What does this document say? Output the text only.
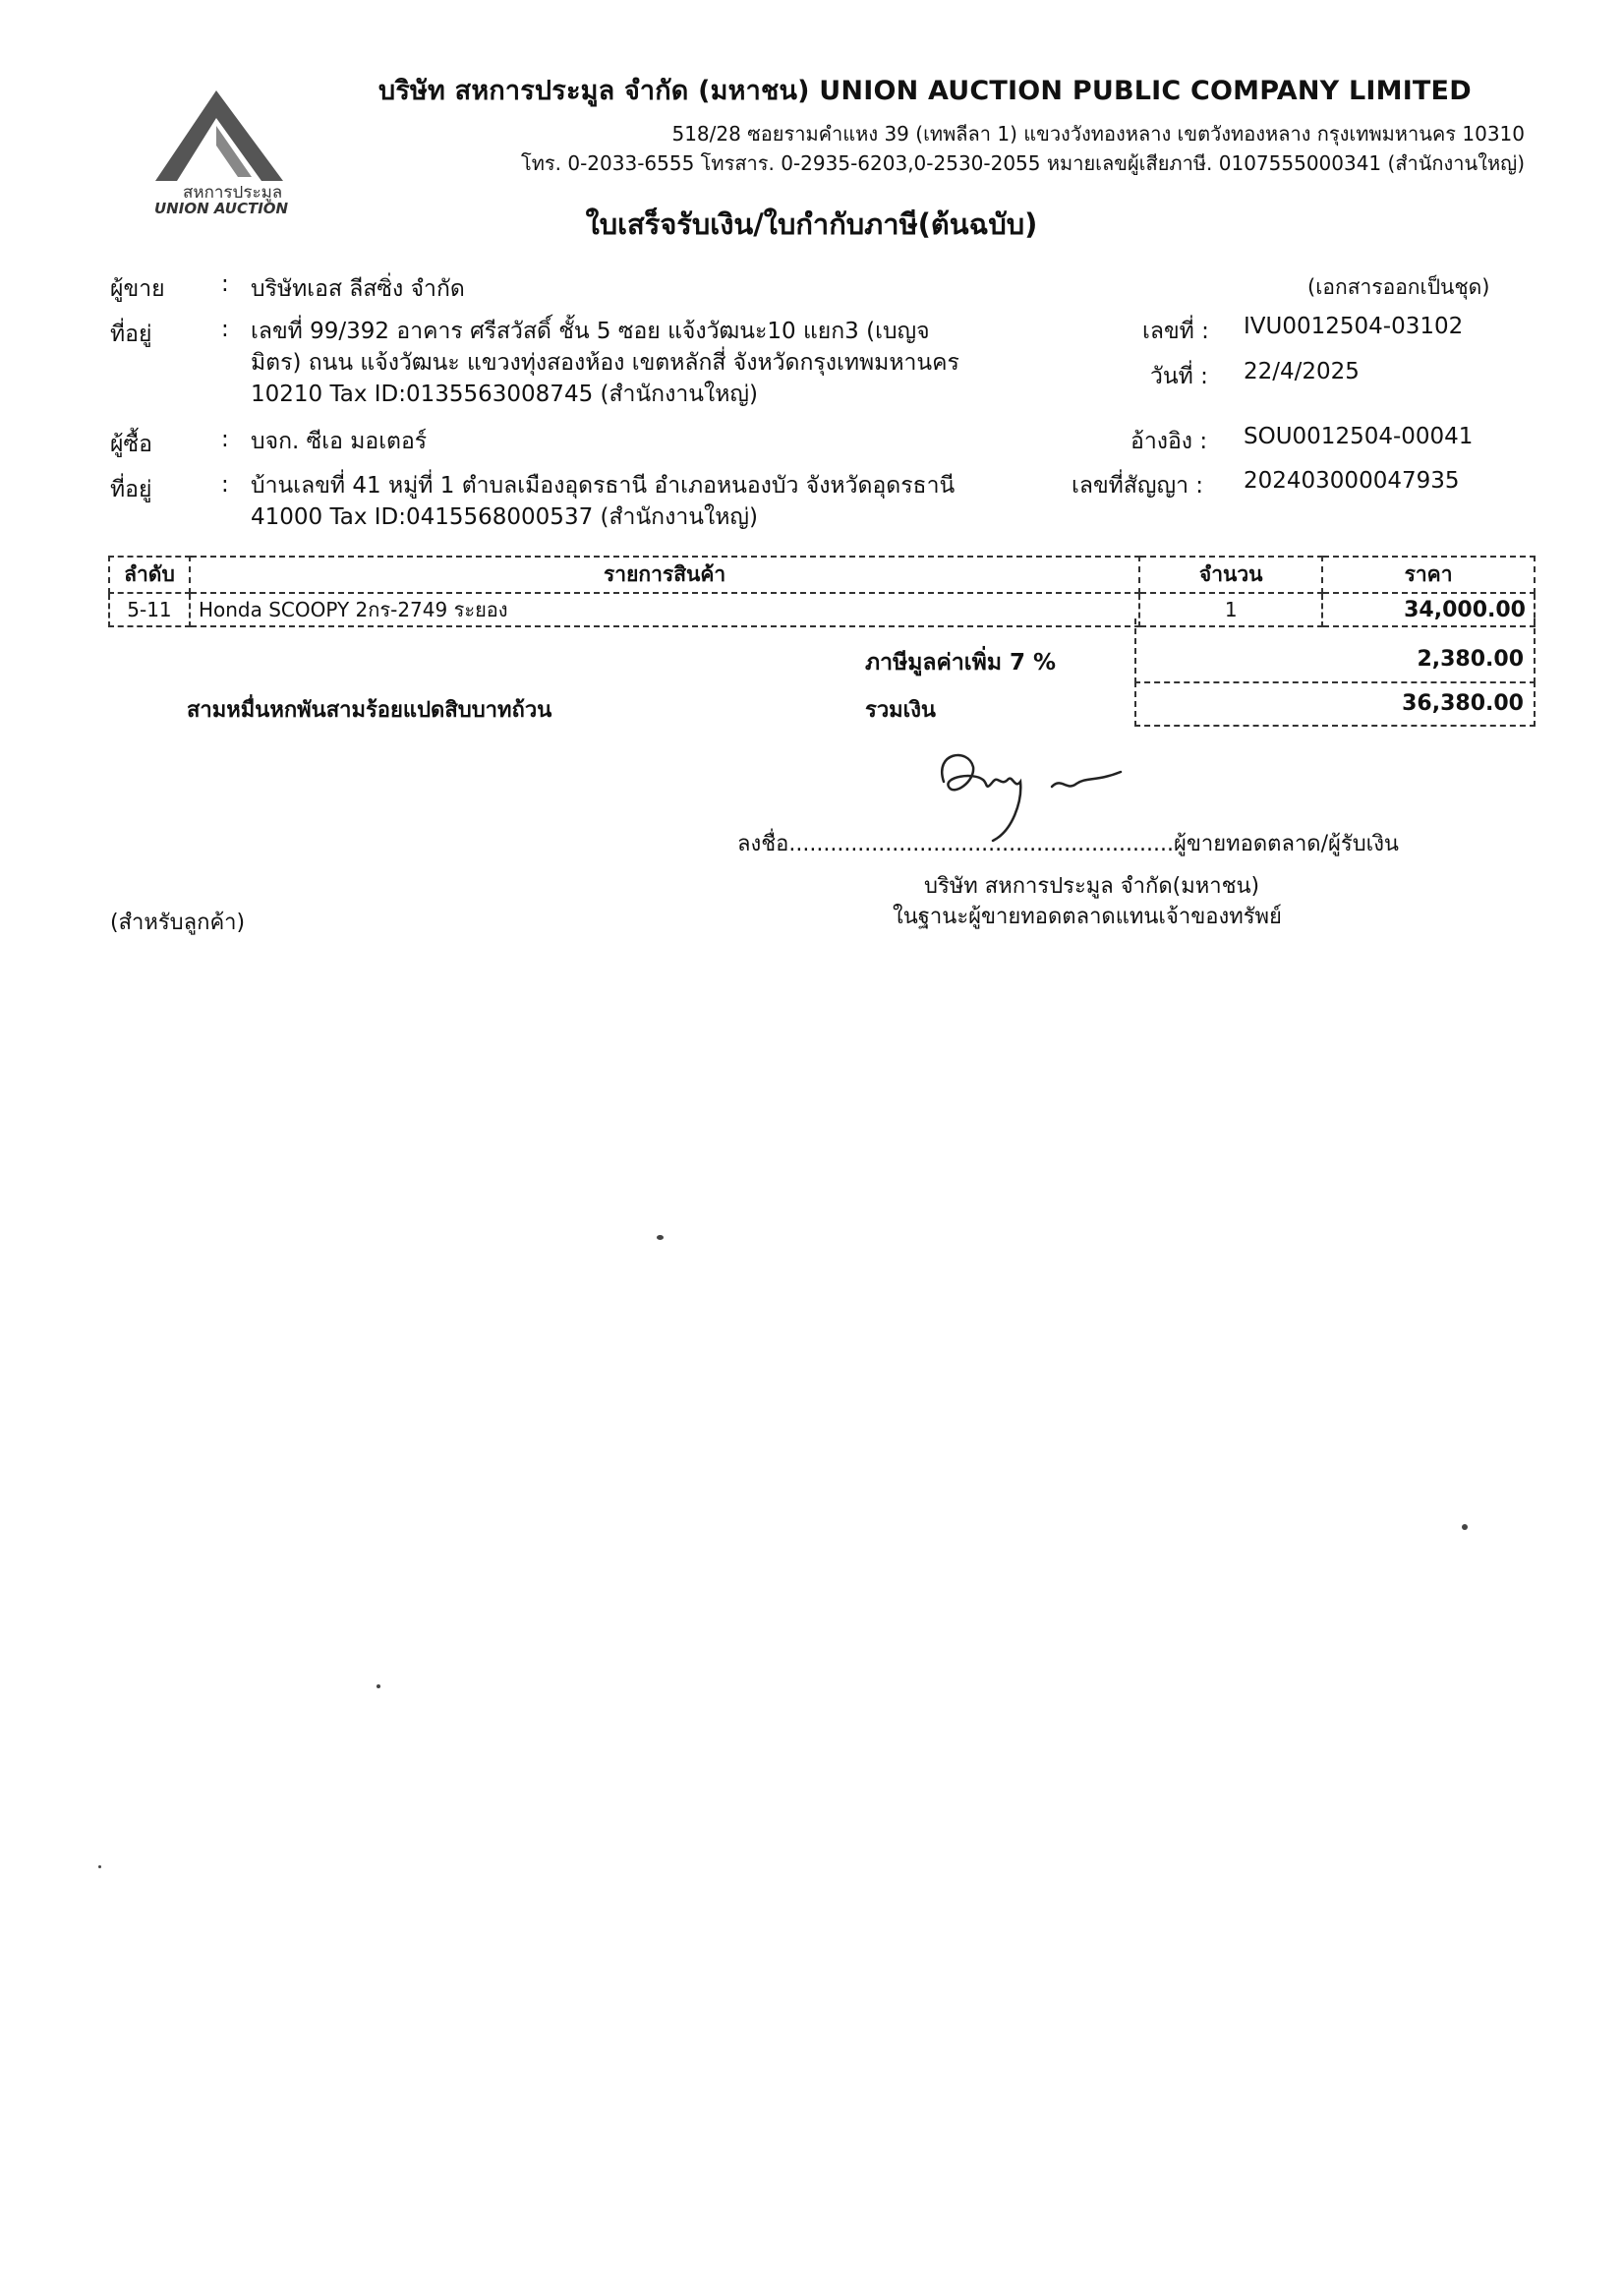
สหการประมูล
UNION AUCTION
บริษัท สหการประมูล จำกัด (มหาชน) UNION AUCTION PUBLIC COMPANY LIMITED
518/28 ซอยรามคำแหง 39 (เทพลีลา 1) แขวงวังทองหลาง เขตวังทองหลาง กรุงเทพมหานคร 10310
โทร. 0-2033-6555 โทรสาร. 0-2935-6203,0-2530-2055 หมายเลขผู้เสียภาษี. 0107555000341 (สำนักงานใหญ่)
ใบเสร็จรับเงิน/ใบกำกับภาษี(ต้นฉบับ)
ผู้ขาย : บริษัทเอส ลีสซิ่ง จำกัด
ที่อยู่	: เลขที่ 99/392 อาคาร ศรีสวัสดิ์ ชั้น 5 ซอย แจ้งวัฒนะ10 แยก3 (เบญจ
มิตร) ถนน แจ้งวัฒนะ แขวงทุ่งสองห้อง เขตหลักสี่ จังหวัดกรุงเทพมหานคร
10210 Tax ID:0135563008745 (สำนักงานใหญ่)
(เอกสารออกเป็นชุด)
เลขที่ : IVU0012504-03102
วันที่ : 22/4/2025
อ้างอิง : SOU0012504-00041
เลขที่สัญญา : 202403000047935
ผู้ซื้อ	: บจก. ซีเอ มอเตอร์
ที่อยู่	: บ้านเลขที่ 41 หมู่ที่ 1 ตำบลเมืองอุดรธานี อำเภอหนองบัว จังหวัดอุดรธานี
41000 Tax ID:0415568000537 (สำนักงานใหญ่)
ลำดับ	รายการสินค้า	จำนวน	ราคา
5-11	Honda SCOOPY 2กร-2749 ระยอง	1	34,000.00
ภาษีมูลค่าเพิ่ม 7 %	2,380.00
สามหมื่นหกพันสามร้อยแปดสิบบาทถ้วน	รวมเงิน	36,380.00
ลงชื่อ........................................................ผู้ขายทอดตลาด/ผู้รับเงิน
บริษัท สหการประมูล จำกัด(มหาชน)
ในฐานะผู้ขายทอดตลาดแทนเจ้าของทรัพย์
(สำหรับลูกค้า)
